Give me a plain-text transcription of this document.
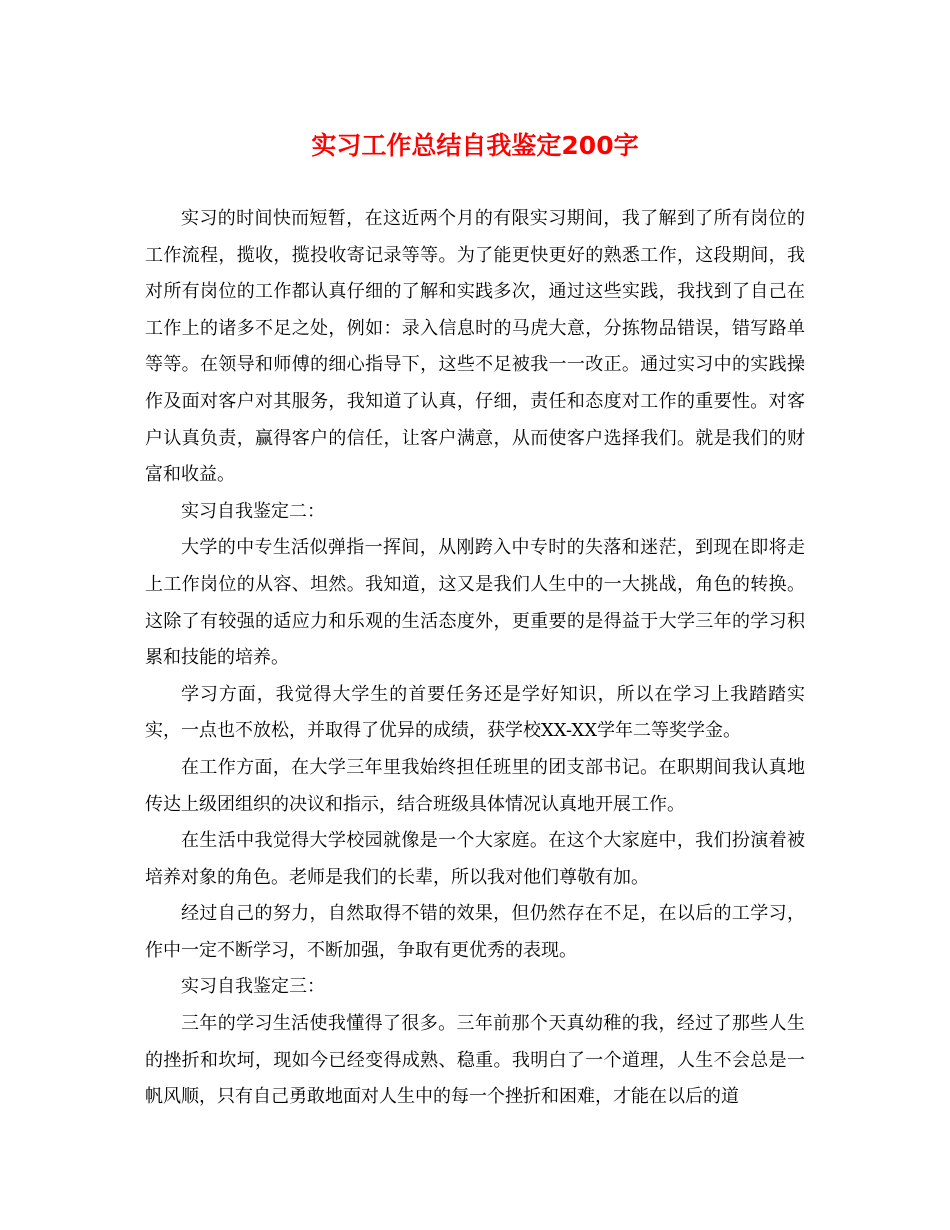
实习工作总结自我鉴定200字

实习的时间快而短暂，在这近两个月的有限实习期间，我了解到了所有岗位的工作流程，揽收，揽投收寄记录等等。为了能更快更好的熟悉工作，这段期间，我对所有岗位的工作都认真仔细的了解和实践多次，通过这些实践，我找到了自己在工作上的诸多不足之处，例如：录入信息时的马虎大意，分拣物品错误，错写路单等等。在领导和师傅的细心指导下，这些不足被我一一改正。通过实习中的实践操作及面对客户对其服务，我知道了认真，仔细，责任和态度对工作的重要性。对客户认真负责，赢得客户的信任，让客户满意，从而使客户选择我们。就是我们的财富和收益。

实习自我鉴定二：

大学的中专生活似弹指一挥间，从刚跨入中专时的失落和迷茫，到现在即将走上工作岗位的从容、坦然。我知道，这又是我们人生中的一大挑战，角色的转换。这除了有较强的适应力和乐观的生活态度外，更重要的是得益于大学三年的学习积累和技能的培养。

学习方面，我觉得大学生的首要任务还是学好知识，所以在学习上我踏踏实实，一点也不放松，并取得了优异的成绩，获学校XX-XX学年二等奖学金。

在工作方面，在大学三年里我始终担任班里的团支部书记。在职期间我认真地传达上级团组织的决议和指示，结合班级具体情况认真地开展工作。

在生活中我觉得大学校园就像是一个大家庭。在这个大家庭中，我们扮演着被培养对象的角色。老师是我们的长辈，所以我对他们尊敬有加。

经过自己的努力，自然取得不错的效果，但仍然存在不足，在以后的工学习，作中一定不断学习，不断加强，争取有更优秀的表现。

实习自我鉴定三：

三年的学习生活使我懂得了很多。三年前那个天真幼稚的我，经过了那些人生的挫折和坎坷，现如今已经变得成熟、稳重。我明白了一个道理，人生不会总是一帆风顺，只有自己勇敢地面对人生中的每一个挫折和困难，才能在以后的道
